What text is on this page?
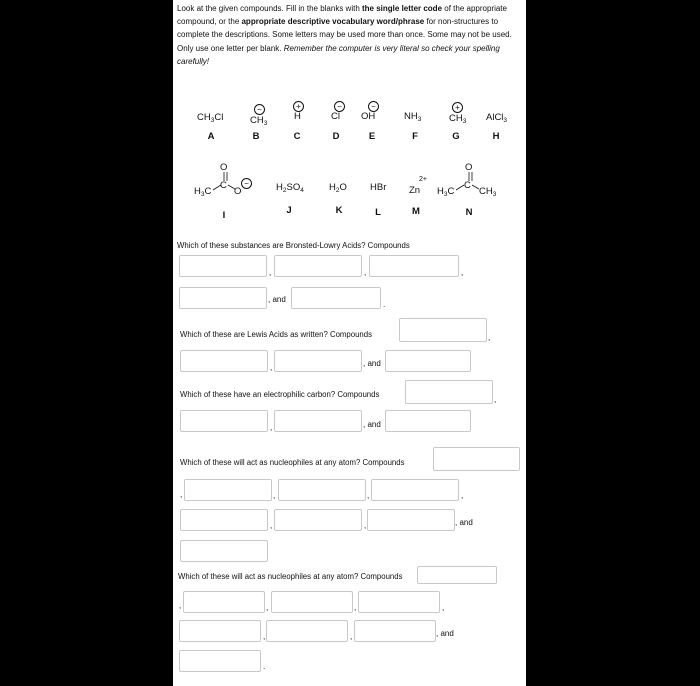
Look at the given compounds. Fill in the blanks with the single letter code of the appropriate compound, or the appropriate descriptive vocabulary word/phrase for non-structures to complete the descriptions. Some letters may be used more than once. Some may not be used. Only use one letter per blank. Remember the computer is very literal so check your spelling carefully!
$CH_3Cl$
A
−
$CH_3$
B
+
H
C
−
Cl
D
−
OH
E
$NH_3$
F
+
$CH_3$
G
AlCl$_3$
H
O
$H_3C$
C
O
−
I
$H_2SO_4$
J
$H_2O$
K
HBr
L
2+
Zn
M
O
$H_3C$
C
$CH_3$
N
Which of these substances are Bronsted-Lowry Acids? Compounds
,	,	,
, and
.
Which of these are Lewis Acids as written? Compounds	,
,	, and
Which of these have an electrophilic carbon? Compounds
,
,	, and
Which of these will act as nucleophiles at any atom? Compounds
,	,	,	,
,	,	, and
Which of these will act as nucleophiles at any atom? Compounds
,	,	,	,
,	,	, and
.
